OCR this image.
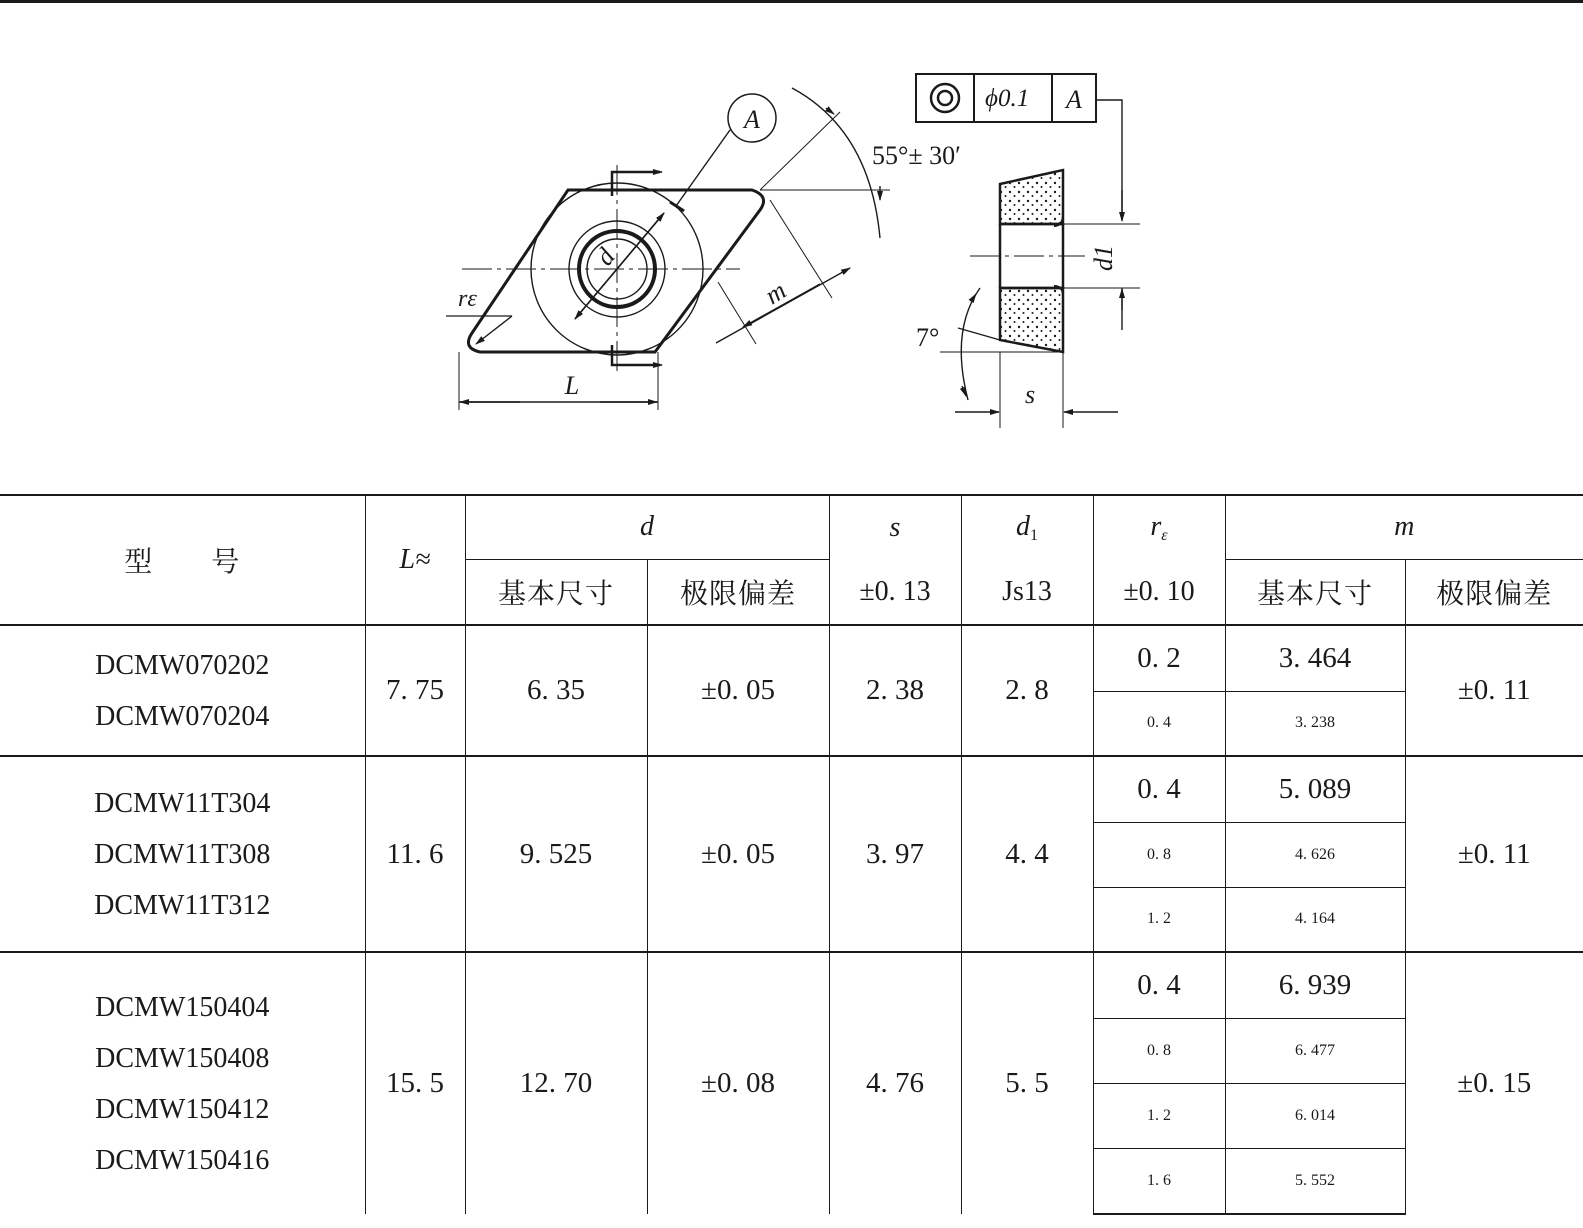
A
d
m
rε
L
55°± 30′
ϕ0.1 A
d1
s
7°
型　　号	L≈	d		s	$d_1$	$r_\varepsilon$	m	
		基本尺寸	极限偏差	±0. 13	Js13	±0. 10	基本尺寸	极限偏差

DCMW070202
DCMW070204	7. 75	6. 35	±0. 05	2. 38	2. 8	0. 2	3. 464	±0. 11
						0. 4	3. 238	

DCMW11T304
DCMW11T308
DCMW11T312	11. 6	9. 525	±0. 05	3. 97	4. 4	0. 4	5. 089	±0. 11
						0. 8	4. 626	
						1. 2	4. 164	

DCMW150404
DCMW150408
DCMW150412
DCMW150416	15. 5	12. 70	±0. 08	4. 76	5. 5	0. 4	6. 939	±0. 15
						0. 8	6. 477	
						1. 2	6. 014	
						1. 6	5. 552	
